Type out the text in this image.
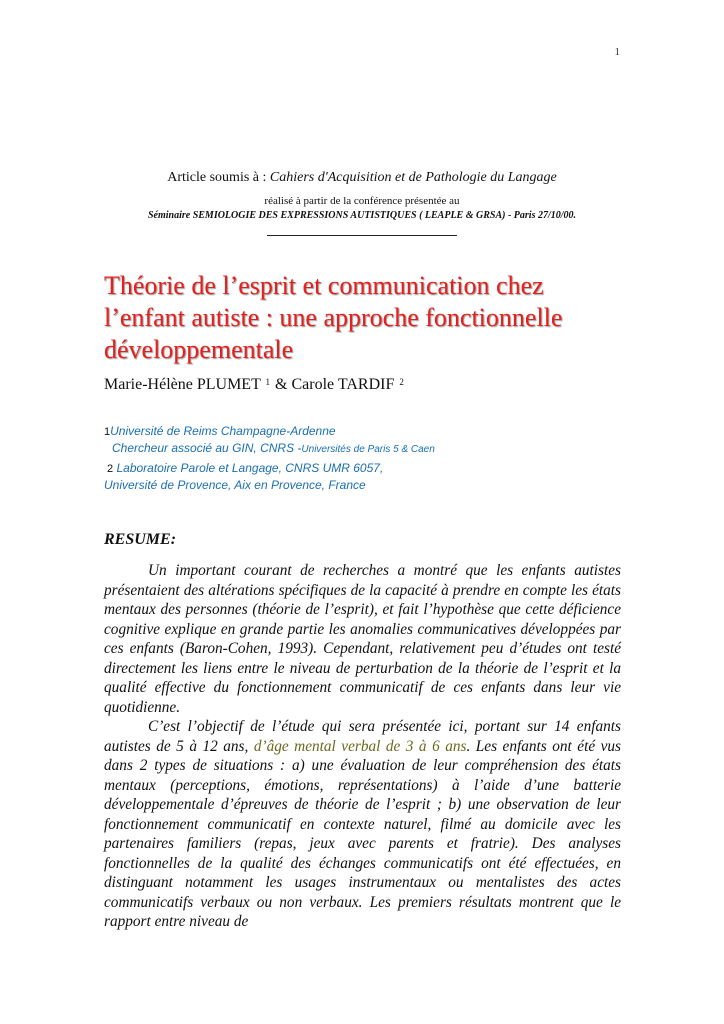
1
Article soumis à : Cahiers d'Acquisition et de Pathologie du Langage
réalisé à partir de la conférence présentée au
Séminaire SEMIOLOGIE DES EXPRESSIONS AUTISTIQUES ( LEAPLE & GRSA) - Paris 27/10/00.
Théorie de l’esprit et communication chez l’enfant autiste : une approche fonctionnelle développementale
Marie-Hélène PLUMET $^1$ & Carole TARDIF $^2$
1Université de Reims Champagne-Ardenne
Chercheur associé au GIN, CNRS -Universités de Paris 5 & Caen
2 Laboratoire Parole et Langage, CNRS UMR 6057,
Université de Provence, Aix en Provence, France
RESUME:

Un important courant de recherches a montré que les enfants autistes présentaient des altérations spécifiques de la capacité à prendre en compte les états mentaux des personnes (théorie de l’esprit), et fait l’hypothèse que cette déficience cognitive explique en grande partie les anomalies communicatives développées par ces enfants (Baron-Cohen, 1993). Cependant, relativement peu d’études ont testé directement les liens entre le niveau de perturbation de la théorie de l’esprit et la qualité effective du fonctionnement communicatif de ces enfants dans leur vie quotidienne.

C’est l’objectif de l’étude qui sera présentée ici, portant sur 14 enfants autistes de 5 à 12 ans, d’âge mental verbal de 3 à 6 ans. Les enfants ont été vus dans 2 types de situations : a) une évaluation de leur compréhension des états mentaux (perceptions, émotions, représentations) à l’aide d’une batterie développementale d’épreuves de théorie de l’esprit ; b) une observation de leur fonctionnement communicatif en contexte naturel, filmé au domicile avec les partenaires familiers (repas, jeux avec parents et fratrie). Des analyses fonctionnelles de la qualité des échanges communicatifs ont été effectuées, en distinguant notamment les usages instrumentaux ou mentalistes des actes communicatifs verbaux ou non verbaux. Les premiers résultats montrent que le rapport entre niveau de
